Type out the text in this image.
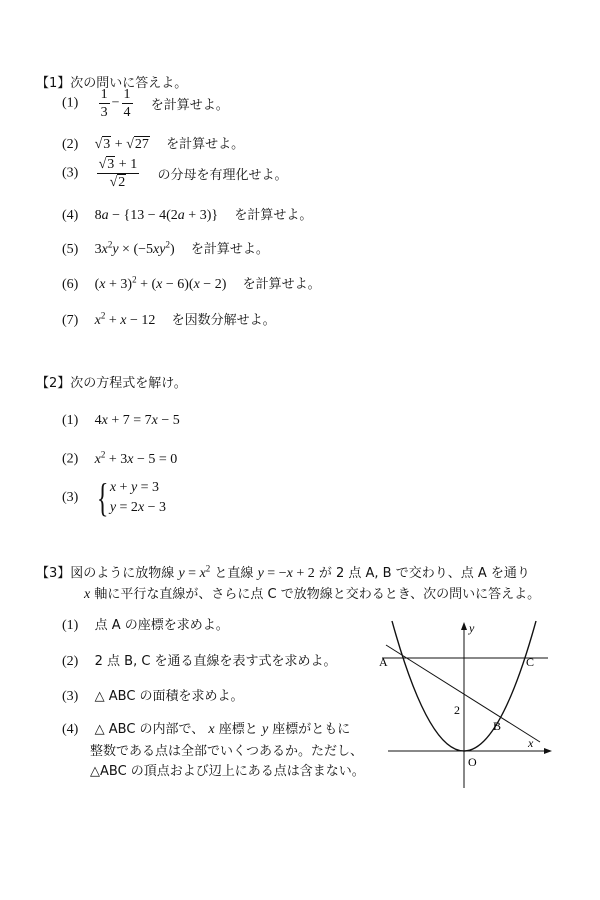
【1】次の問いに答えよ。
$(1) \frac{1}{3} - \frac{1}{4}$ を計算せよ。
(2) √3 + √27 を計算せよ。
$(3) \frac{√3 + 1}{√2}$ の分母を有理化せよ。
(4) 8a − {13 − 4(2a + 3)} を計算せよ。
(5) $3x^2y \times (-5xy^2)$ を計算せよ。
(6) $(x + 3)^2 + (x - 6)(x - 2)$ を計算せよ。
(7) $x^2 + x - 12$ を因数分解せよ。
【2】次の方程式を解け。
(1) 4x + 7 = 7x − 5
(2) $x^2 + 3x - 5 = 0$
(3) { x + y = 3
y = 2x − 3
【3】図のように放物線 $y = x^2$ と直線 y = −x + 2 が 2 点 A, B で交わり、点 A を通り
x 軸に平行な直線が、さらに点 C で放物線と交わるとき、次の問いに答えよ。
(1) 点 A の座標を求めよ。
(2) 2 点 B, C を通る直線を表す式を求めよ。
(3) △ ABC の面積を求めよ。
(4) △ ABC の内部で、 x 座標と y 座標がともに
整数である点は全部でいくつあるか。ただし、
△ABC の頂点および辺上にある点は含まない。
A	C
B
O
2
x
y
